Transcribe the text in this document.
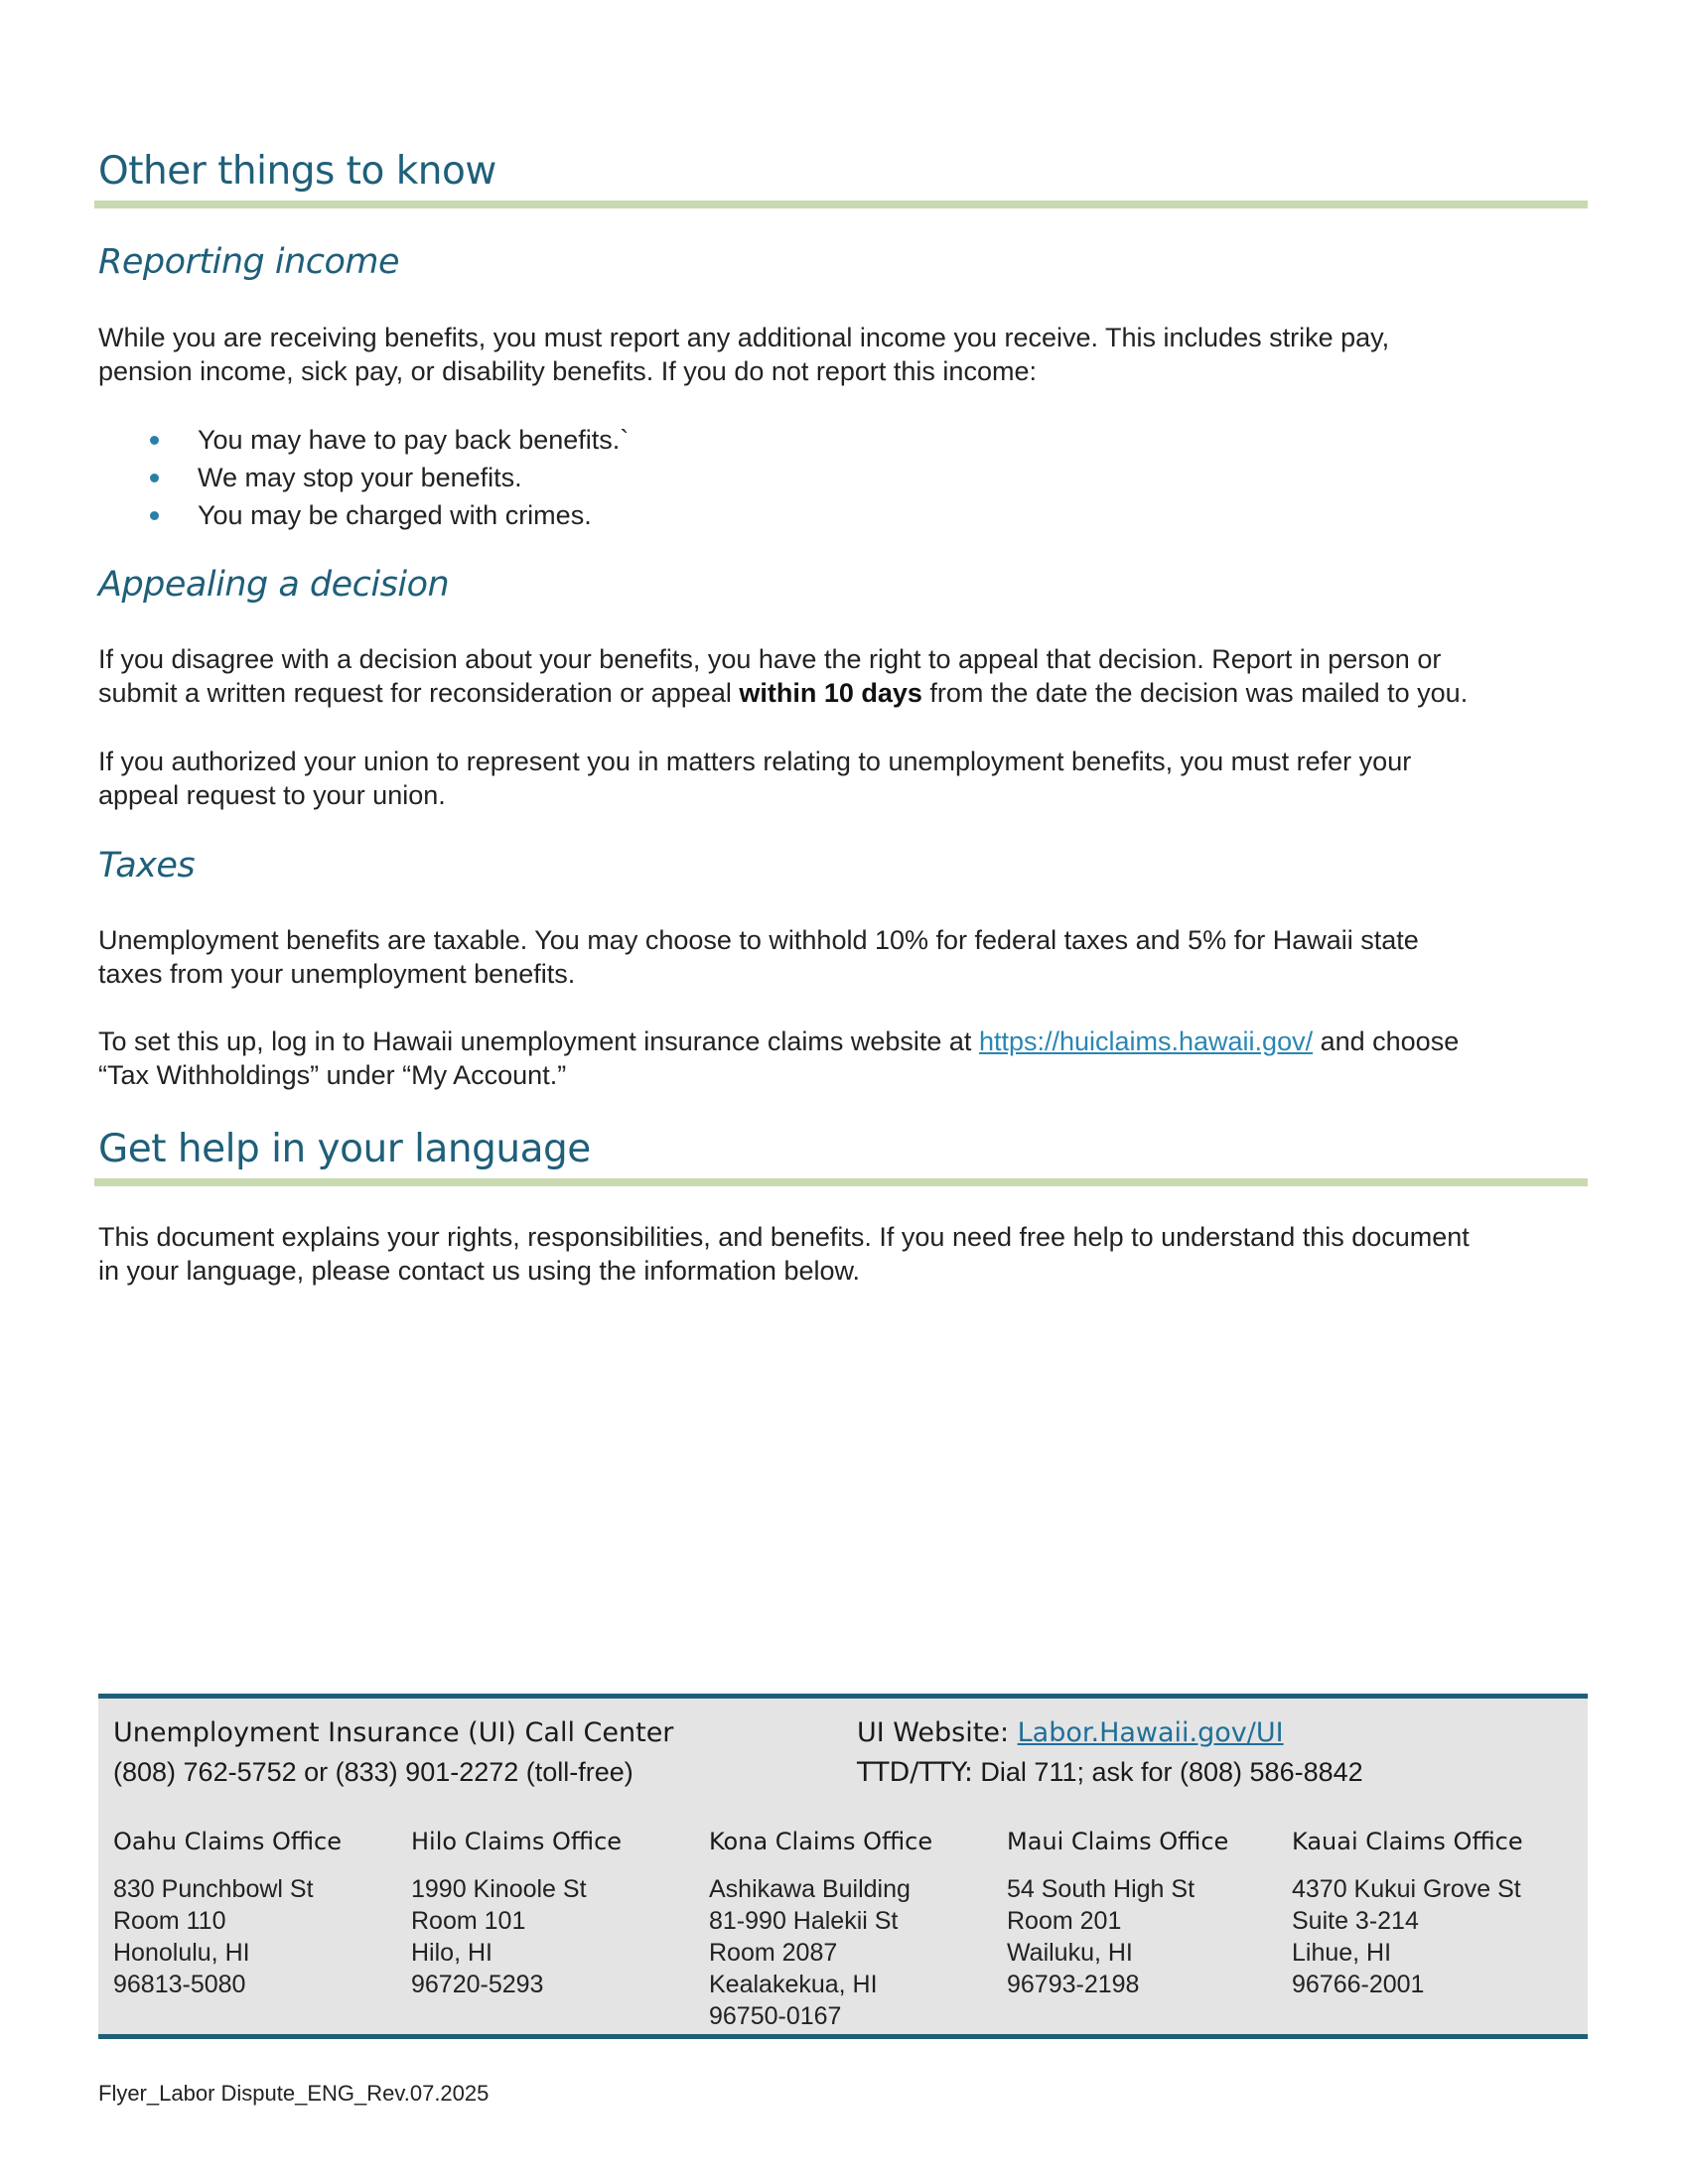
Other things to know
Reporting income

While you are receiving benefits, you must report any additional income you receive. This includes strike pay,
pension income, sick pay, or disability benefits. If you do not report this income:

You may have to pay back benefits.`
We may stop your benefits.
You may be charged with crimes.
Appealing a decision

If you disagree with a decision about your benefits, you have the right to appeal that decision. Report in person or
submit a written request for reconsideration or appeal within 10 days from the date the decision was mailed to you.

If you authorized your union to represent you in matters relating to unemployment benefits, you must refer your
appeal request to your union.

Taxes

Unemployment benefits are taxable. You may choose to withhold 10% for federal taxes and 5% for Hawaii state
taxes from your unemployment benefits.

To set this up, log in to Hawaii unemployment insurance claims website at https://huiclaims.hawaii.gov/ and choose
“Tax Withholdings” under “My Account.”

Get help in your language

This document explains your rights, responsibilities, and benefits. If you need free help to understand this document
in your language, please contact us using the information below.

Unemployment Insurance (UI) Call Center
(808) 762-5752 or (833) 901-2272 (toll-free)
UI Website: Labor.Hawaii.gov/UI
TTD/TTY: Dial 711; ask for (808) 586-8842

Oahu Claims Office

830 Punchbowl St

Room 110

Honolulu, HI

96813-5080

Hilo Claims Office

1990 Kinoole St

Room 101

Hilo, HI

96720-5293

Kona Claims Office

Ashikawa Building

81-990 Halekii St

Room 2087

Kealakekua, HI

96750-0167

Maui Claims Office

54 South High St

Room 201

Wailuku, HI

96793-2198

Kauai Claims Office

4370 Kukui Grove St

Suite 3-214

Lihue, HI

96766-2001

Flyer_Labor Dispute_ENG_Rev.07.2025
